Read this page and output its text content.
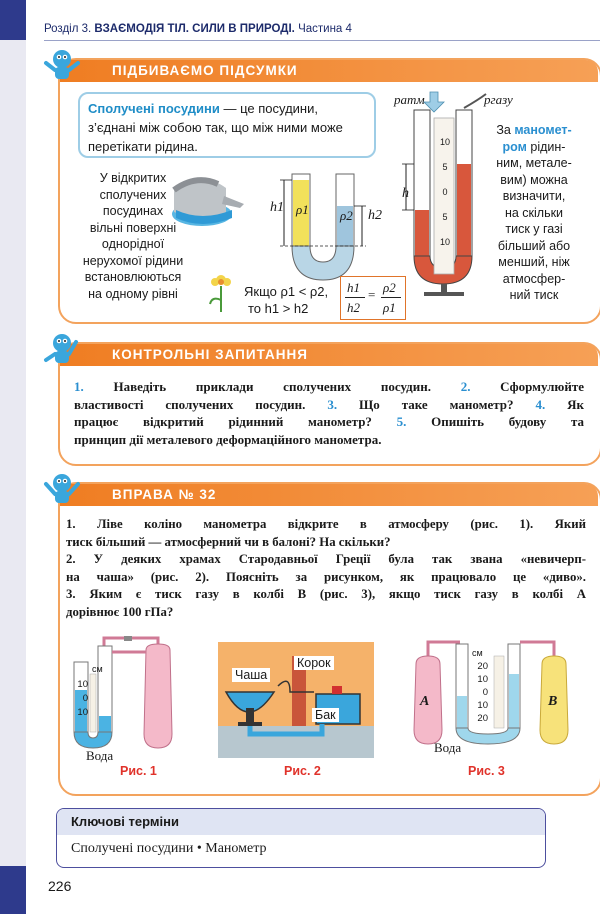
Розділ 3. ВЗАЄМОДІЯ ТІЛ. СИЛИ В ПРИРОДІ. Частина 4
ПІДБИВАЄМО ПІДСУМКИ
Сполучені посудини — це посудини, з’єднані між собою так, що між ними може перетікати рідина.
У відкритих
сполучених
посудинах
вільні поверхні
однорідної
нерухомої рідини
встановлюються
на одному рівні
h1 ρ1 ρ2 h2
Якщо ρ1 < ρ2,
то h1 > h2
h1
h2
= ρ2
ρ1
pатм	pгазу
10
5
0
5
10
h
За маномет-
ром рідин-
ним, метале-
вим) можна
визначити,
на скільки
тиск у газі
більший або
менший, ніж
атмосфер-
ний тиск
КОНТРОЛЬНІ ЗАПИТАННЯ
1. Наведіть приклади сполучених посудин. 2. Сформулюйте
властивості сполучених посудин. 3. Що таке манометр? 4. Як
працює відкритий рідинний манометр? 5. Опишіть будову та
принцип дії металевого деформаційного манометра.
ВПРАВА № 32
1. Ліве коліно манометра відкрите в атмосферу (рис. 1). Який
тиск більший — атмосферний чи в балоні? На скільки?
2. У деяких храмах Стародавньої Греції була так звана «невичерп-
на чаша» (рис. 2). Поясніть за рисунком, як працювало це «диво».
3. Яким є тиск газу в колбі B (рис. 3), якщо тиск газу в колбі A
дорівнює 100 гПа?
см
10
0
10
Вода
Рис. 1
Чаша
Корок
Бак
Рис. 2
см
20
10
0
10
20
A	B
Вода
Рис. 3
Ключові терміни
Сполучені посудини • Манометр
226
